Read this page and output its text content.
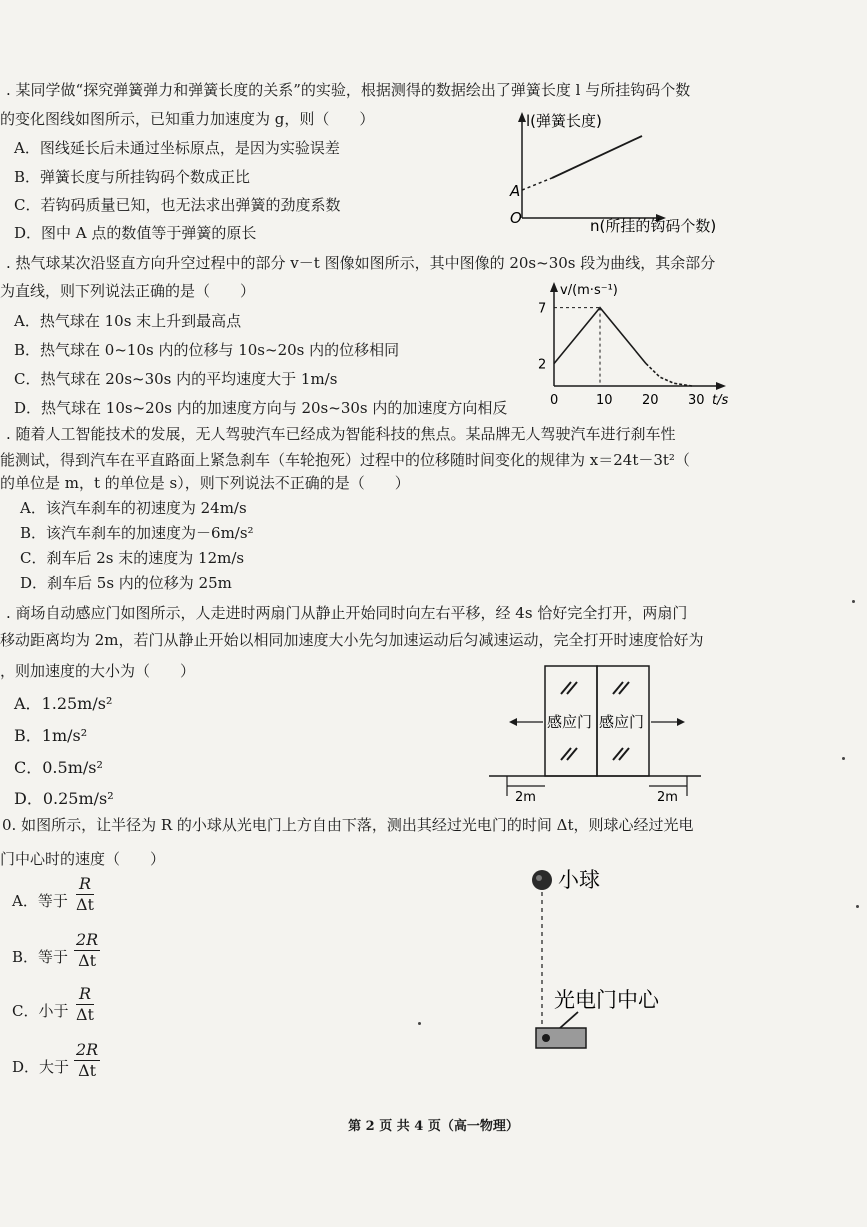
. 某同学做“探究弹簧弹力和弹簧长度的关系”的实验，根据测得的数据绘出了弹簧长度 l 与所挂钩码个数
的变化图线如图所示，已知重力加速度为 g，则（　　）
A．图线延长后未通过坐标原点，是因为实验误差
B．弹簧长度与所挂钩码个数成正比
C．若钩码质量已知，也无法求出弹簧的劲度系数
D．图中 A 点的数值等于弹簧的原长
l(弹簧长度)
A
O	n(所挂的钩码个数)
. 热气球某次沿竖直方向升空过程中的部分 v－t 图像如图所示，其中图像的 20s~30s 段为曲线，其余部分
为直线，则下列说法正确的是（　　）
A．热气球在 10s 末上升到最高点
B．热气球在 0~10s 内的位移与 10s~20s 内的位移相同
C．热气球在 20s~30s 内的平均速度大于 1m/s
D．热气球在 10s~20s 内的加速度方向与 20s~30s 内的加速度方向相反	0	10 20 30
2
7
v/(m·s⁻¹)
t/s
. 随着人工智能技术的发展，无人驾驶汽车已经成为智能科技的焦点。某品牌无人驾驶汽车进行刹车性
能测试，得到汽车在平直路面上紧急刹车（车轮抱死）过程中的位移随时间变化的规律为 x＝24t－3t²（
的单位是 m，t 的单位是 s），则下列说法不正确的是（　　）
A．该汽车刹车的初速度为 24m/s
B．该汽车刹车的加速度为－6m/s²
C．刹车后 2s 末的速度为 12m/s
D．刹车后 5s 内的位移为 25m
. 商场自动感应门如图所示，人走进时两扇门从静止开始同时向左右平移，经 4s 恰好完全打开，两扇门
移动距离均为 2m，若门从静止开始以相同加速度大小先匀加速运动后匀减速运动，完全打开时速度恰好为
，则加速度的大小为（　　）
A．1.25m/s²
B．1m/s²
C．0.5m/s²
D．0.25m/s²
感应门 感应门
2m	2m
0. 如图所示，让半径为 R 的小球从光电门上方自由下落，测出其经过光电门的时间 Δt，则球心经过光电
门中心时的速度（　　）
A．等于 $\frac{R}{\Delta t}$
B．等于 $\frac{2R}{\Delta t}$
C．小于 $\frac{R}{\Delta t}$
D．大于 $\frac{2R}{\Delta t}$
小球
光电门中心
第 2 页 共 4 页（高一物理）
